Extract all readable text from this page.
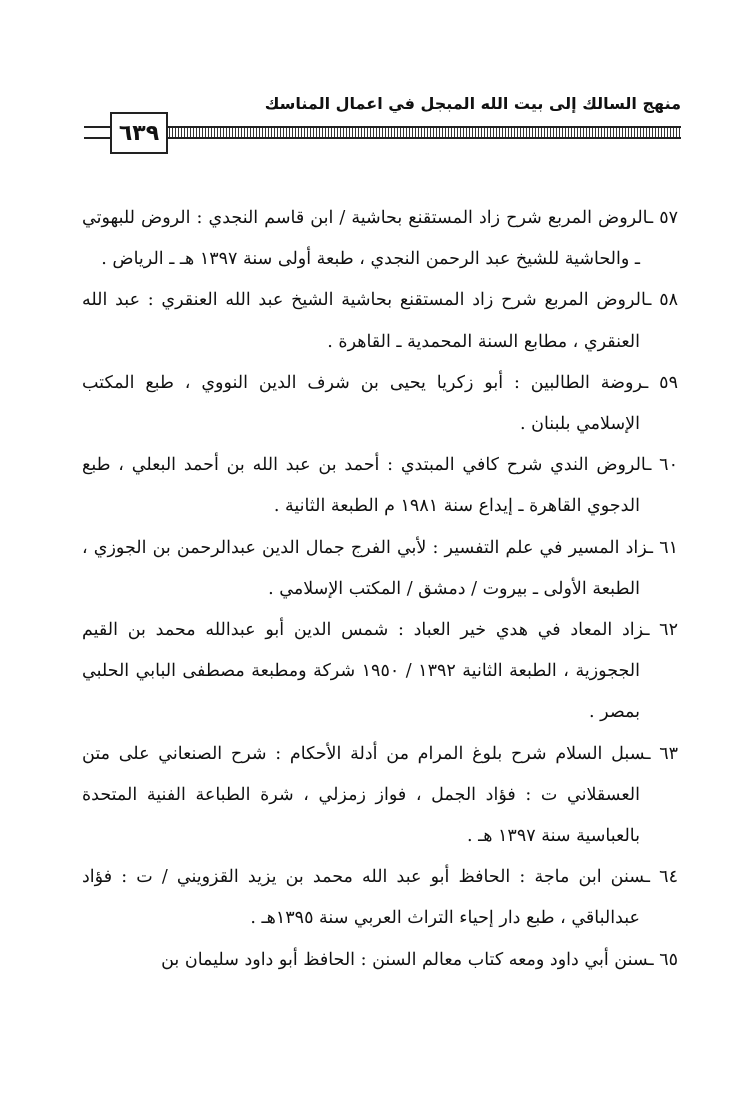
منهج السالك إلى بيت الله المبجل في اعمال المناسك
٦٣٩

٥٧ ـالروض المربع شرح زاد المستقنع بحاشية / ابن قاسم النجدي : الروض للبهوتي ـ والحاشية للشيخ عبد الرحمن النجدي ، طبعة أولى سنة ١٣٩٧ هـ ـ الرياض .

٥٨ ـالروض المربع شرح زاد المستقنع بحاشية الشيخ عبد الله العنقري : عبد الله العنقري ، مطابع السنة المحمدية ـ القاهرة .

٥٩ ـروضة الطالبين : أبو زكريا يحيى بن شرف الدين النووي ، طبع المكتب الإسلامي بلبنان .

٦٠ ـالروض الندي شرح كافي المبتدي : أحمد بن عبد الله بن أحمد البعلي ، طبع الدجوي القاهرة ـ إيداع سنة ١٩٨١ م الطبعة الثانية .

٦١ ـزاد المسير في علم التفسير : لأبي الفرج جمال الدين عبدالرحمن بن الجوزي ، الطبعة الأولى ـ بيروت / دمشق / المكتب الإسلامي .

٦٢ ـزاد المعاد في هدي خير العباد : شمس الدين أبو عبدالله محمد بن القيم الججوزية ، الطبعة الثانية ١٣٩٢ / ١٩٥٠ شركة ومطبعة مصطفى البابي الحلبي بمصر .

٦٣ ـسبل السلام شرح بلوغ المرام من أدلة الأحكام : شرح الصنعاني على متن العسقلاني ت : فؤاد الجمل ، فواز زمزلي ، شرة الطباعة الفنية المتحدة بالعباسية سنة ١٣٩٧ هـ .

٦٤ ـسنن ابن ماجة : الحافظ أبو عبد الله محمد بن يزيد القزويني / ت : فؤاد عبدالباقي ، طبع دار إحياء التراث العربي سنة ١٣٩٥هـ .

٦٥ ـسنن أبي داود ومعه كتاب معالم السنن : الحافظ أبو داود سليمان بن
